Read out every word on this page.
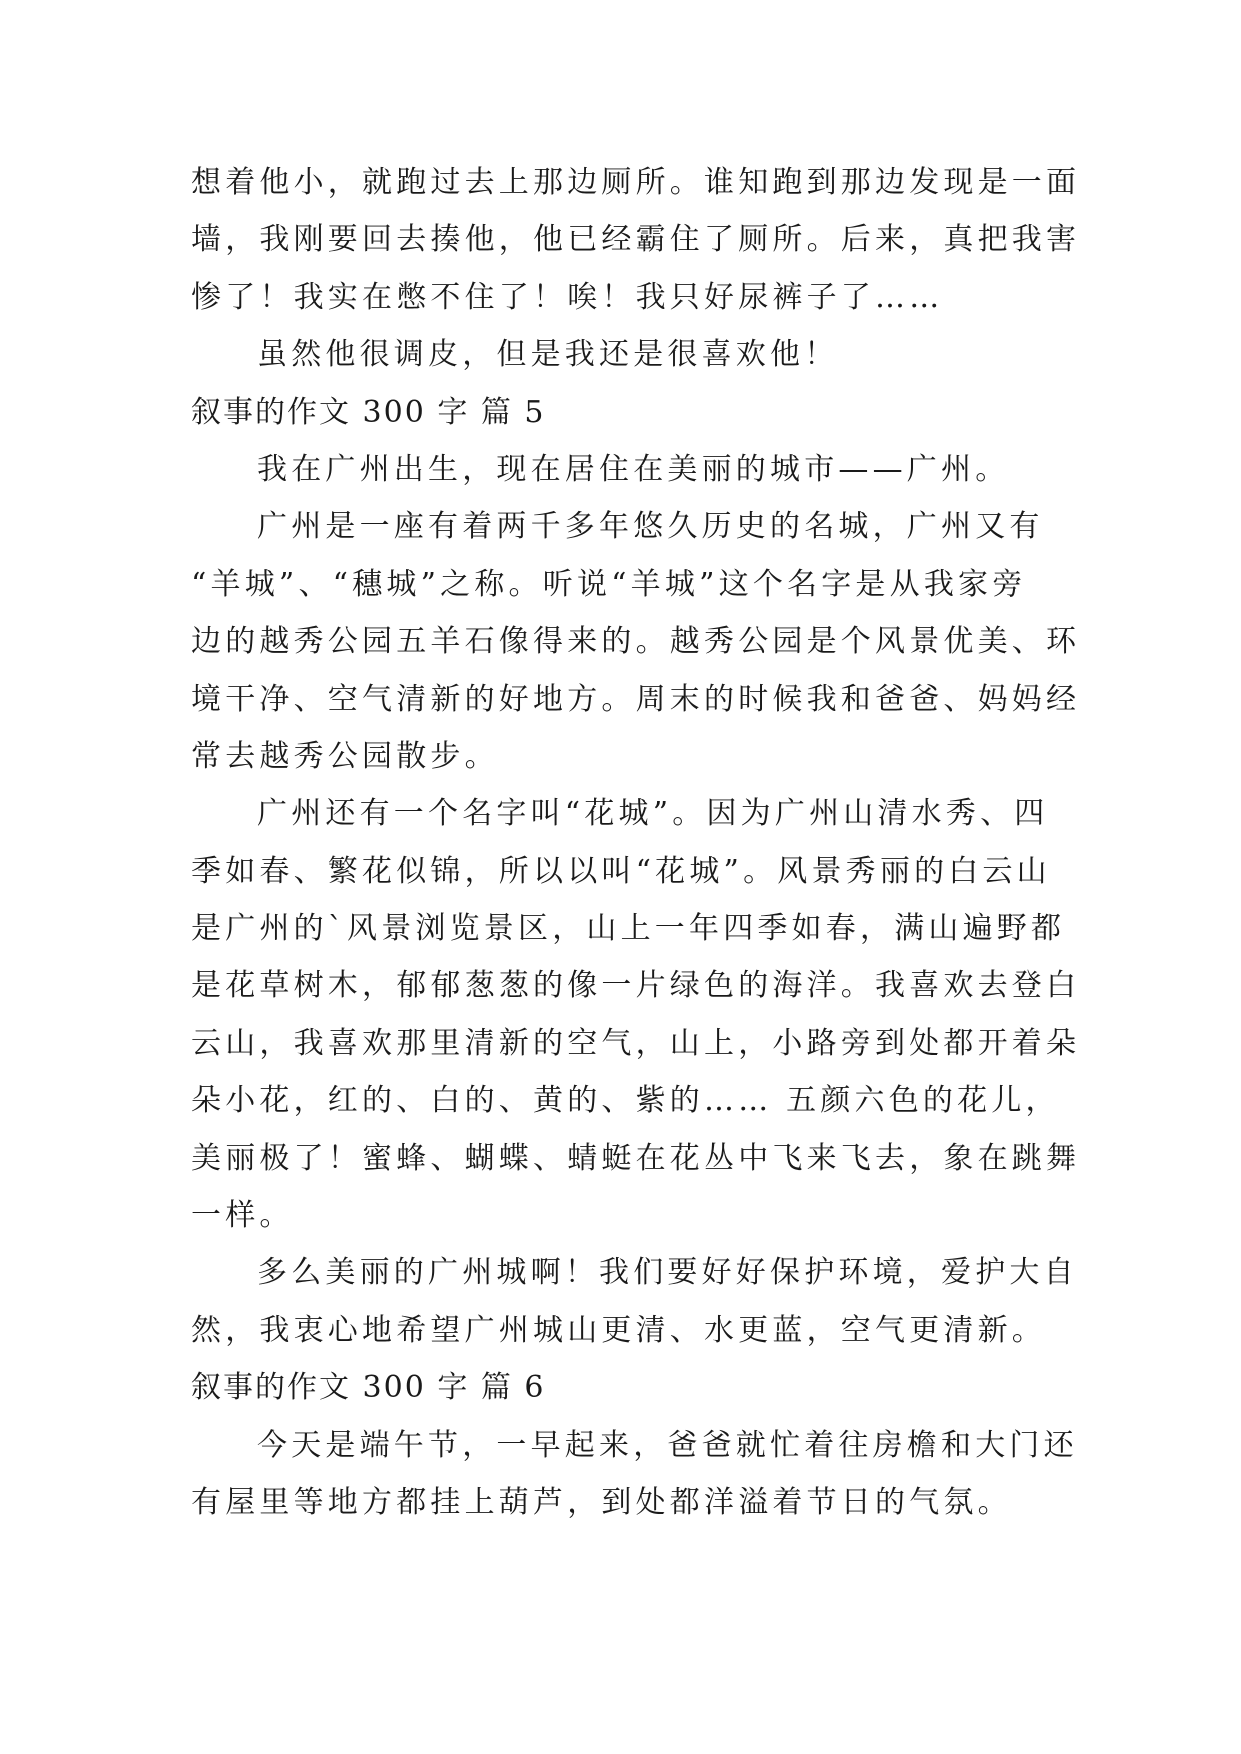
想着他小，就跑过去上那边厕所。谁知跑到那边发现是一面
墙，我刚要回去揍他，他已经霸住了厕所。后来，真把我害
惨了！我实在憋不住了！唉！我只好尿裤子了……
虽然他很调皮，但是我还是很喜欢他！
叙事的作文 300 字 篇 5
我在广州出生，现在居住在美丽的城市——广州。
广州是一座有着两千多年悠久历史的名城，广州又有
“羊城”、“穗城”之称。听说“羊城”这个名字是从我家旁
边的越秀公园五羊石像得来的。越秀公园是个风景优美、环
境干净、空气清新的好地方。周末的时候我和爸爸、妈妈经
常去越秀公园散步。
广州还有一个名字叫“花城”。因为广州山清水秀、四
季如春、繁花似锦，所以以叫“花城”。风景秀丽的白云山
是广州的`风景浏览景区，山上一年四季如春，满山遍野都
是花草树木，郁郁葱葱的像一片绿色的海洋。我喜欢去登白
云山，我喜欢那里清新的空气，山上，小路旁到处都开着朵
朵小花，红的、白的、黄的、紫的…… 五颜六色的花儿，
美丽极了！蜜蜂、蝴蝶、蜻蜓在花丛中飞来飞去，象在跳舞
一样。
多么美丽的广州城啊！我们要好好保护环境，爱护大自
然，我衷心地希望广州城山更清、水更蓝，空气更清新。
叙事的作文 300 字 篇 6
今天是端午节，一早起来，爸爸就忙着往房檐和大门还
有屋里等地方都挂上葫芦，到处都洋溢着节日的气氛。
